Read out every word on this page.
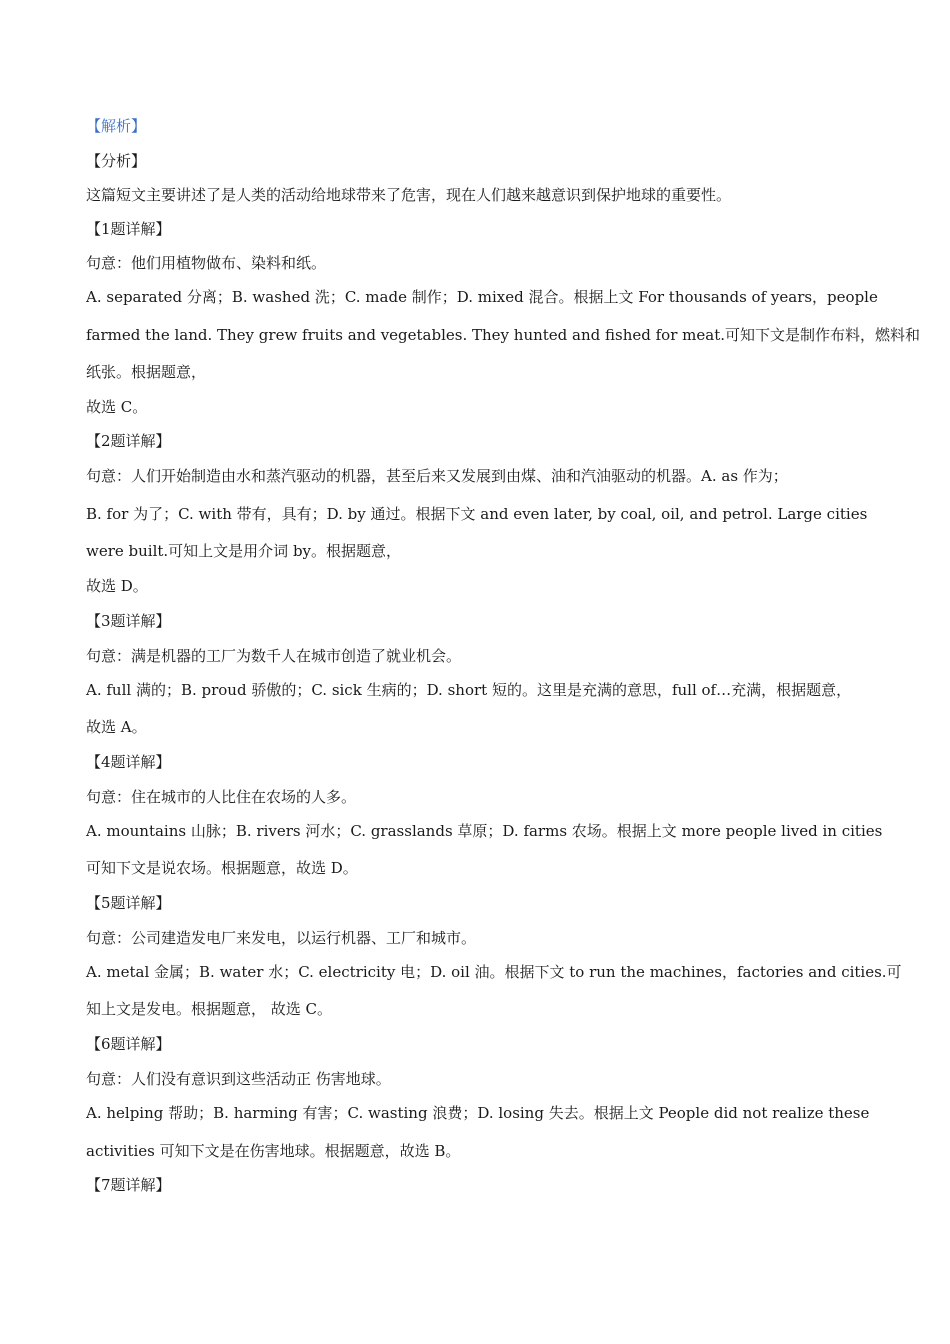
【解析】
【分析】
这篇短文主要讲述了是人类的活动给地球带来了危害，现在人们越来越意识到保护地球的重要性。
【1题详解】
句意：他们用植物做布、染料和纸。
A. separated 分离；B. washed 洗；C. made 制作；D. mixed 混合。根据上文 For thousands of years，people
farmed the land. They grew fruits and vegetables. They hunted and fished for meat.可知下文是制作布料，燃料和
纸张。根据题意，
故选 C。
【2题详解】
句意：人们开始制造由水和蒸汽驱动的机器，甚至后来又发展到由煤、油和汽油驱动的机器。A. as 作为；
B. for 为了；C. with 带有，具有；D. by 通过。根据下文 and even later, by coal, oil, and petrol. Large cities
were built.可知上文是用介词 by。根据题意，
故选 D。
【3题详解】
句意：满是机器的工厂为数千人在城市创造了就业机会。
A. full 满的；B. proud 骄傲的；C. sick 生病的；D. short 短的。这里是充满的意思，full of…充满，根据题意，
故选 A。
【4题详解】
句意：住在城市的人比住在农场的人多。
A. mountains 山脉；B. rivers 河水；C. grasslands 草原；D. farms 农场。根据上文 more people lived in cities
可知下文是说农场。根据题意，故选 D。
【5题详解】
句意：公司建造发电厂来发电，以运行机器、工厂和城市。
A. metal 金属；B. water 水；C. electricity 电；D. oil 油。根据下文 to run the machines，factories and cities.可
知上文是发电。根据题意， 故选 C。
【6题详解】
句意：人们没有意识到这些活动正 伤害地球。
A. helping 帮助；B. harming 有害；C. wasting 浪费；D. losing 失去。根据上文 People did not realize these
activities 可知下文是在伤害地球。根据题意，故选 B。
【7题详解】
